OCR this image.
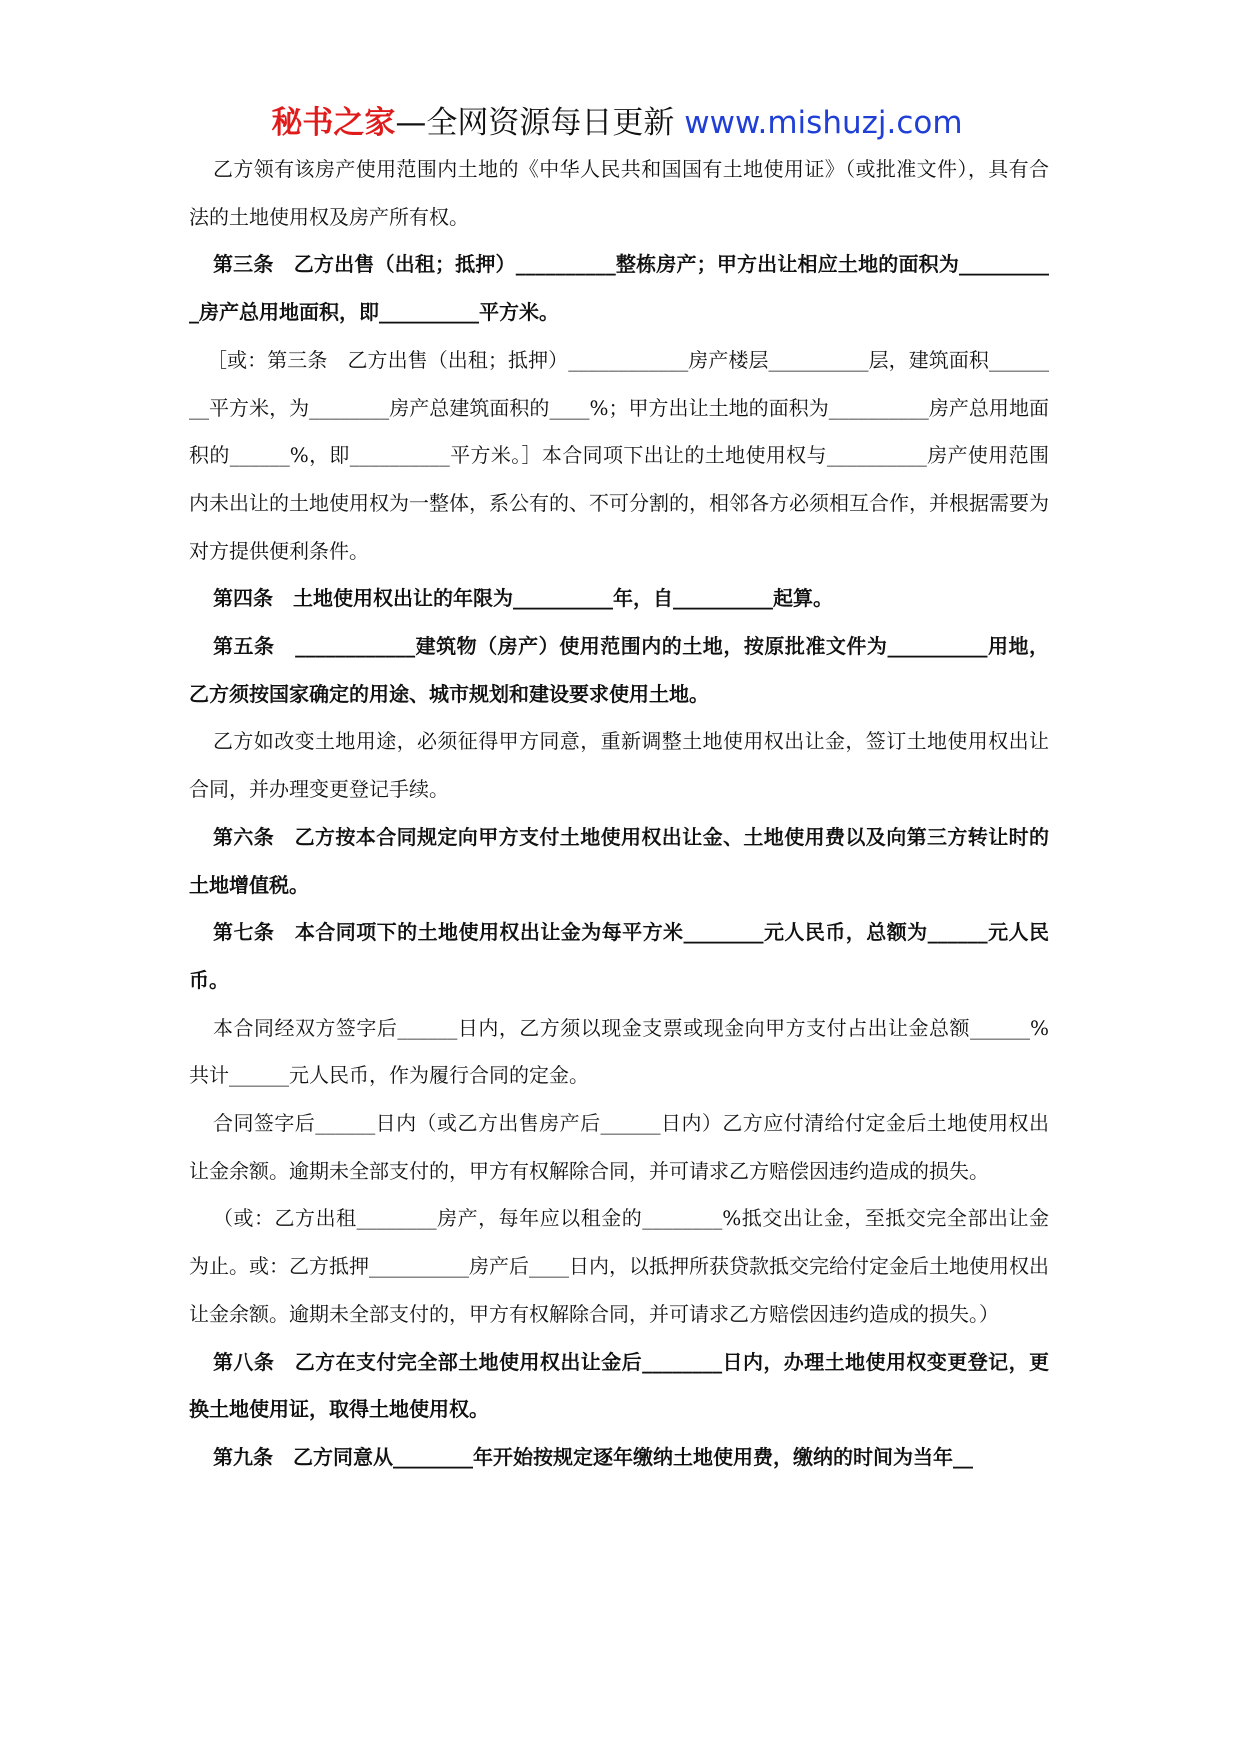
秘书之家—全网资源每日更新 www.mishuzj.com

乙方领有该房产使用范围内土地的《中华人民共和国国有土地使用证》（或批准文件），具有合法的土地使用权及房产所有权。

第三条　乙方出售（出租；抵押）__________整栋房产；甲方出让相应土地的面积为__________房产总用地面积，即__________平方米。

［或：第三条　乙方出售（出租；抵押）____________房产楼层__________层，建筑面积________平方米，为________房产总建筑面积的____%；甲方出让土地的面积为__________房产总用地面积的______%，即__________平方米。］本合同项下出让的土地使用权与__________房产使用范围内未出让的土地使用权为一整体，系公有的、不可分割的，相邻各方必须相互合作，并根据需要为对方提供便利条件。

第四条　土地使用权出让的年限为__________年，自__________起算。

第五条　____________建筑物（房产）使用范围内的土地，按原批准文件为__________用地，乙方须按国家确定的用途、城市规划和建设要求使用土地。

乙方如改变土地用途，必须征得甲方同意，重新调整土地使用权出让金，签订土地使用权出让合同，并办理变更登记手续。

第六条　乙方按本合同规定向甲方支付土地使用权出让金、土地使用费以及向第三方转让时的土地增值税。

第七条　本合同项下的土地使用权出让金为每平方米________元人民币，总额为______元人民币。

本合同经双方签字后______日内，乙方须以现金支票或现金向甲方支付占出让金总额______%共计______元人民币，作为履行合同的定金。

合同签字后______日内（或乙方出售房产后______日内）乙方应付清给付定金后土地使用权出让金余额。逾期未全部支付的，甲方有权解除合同，并可请求乙方赔偿因违约造成的损失。

（或：乙方出租________房产，每年应以租金的________%抵交出让金，至抵交完全部出让金为止。或：乙方抵押__________房产后____日内，以抵押所获贷款抵交完给付定金后土地使用权出让金余额。逾期未全部支付的，甲方有权解除合同，并可请求乙方赔偿因违约造成的损失。）

第八条　乙方在支付完全部土地使用权出让金后________日内，办理土地使用权变更登记，更换土地使用证，取得土地使用权。

第九条　乙方同意从________年开始按规定逐年缴纳土地使用费，缴纳的时间为当年__
